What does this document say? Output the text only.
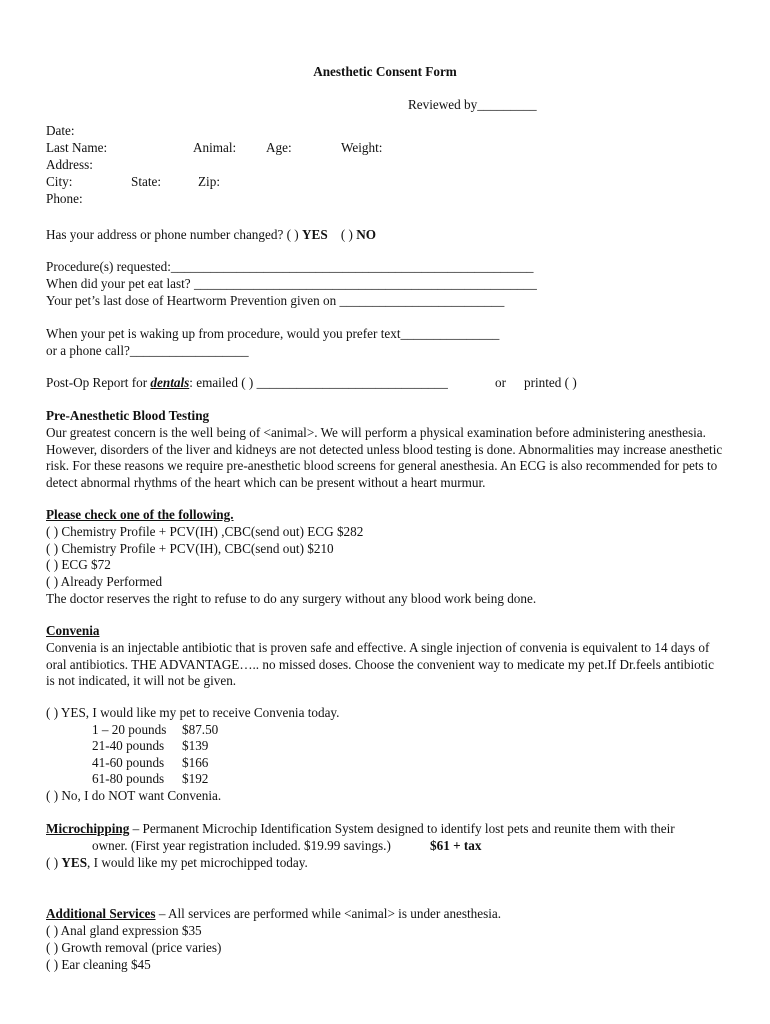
Anesthetic Consent Form
Reviewed by_________
Date:
Last Name:	Animal: Age:	Weight:
Address:
City:	State:	Zip:
Phone:
Has your address or phone number changed? ( ) YES ( ) NO
Procedure(s) requested:_______________________________________________________
When did your pet eat last? ____________________________________________________
Your pet’s last dose of Heartworm Prevention given on _________________________
When your pet is waking up from procedure, would you prefer text_______________
or a phone call?__________________
Post-Op Report for dentals: emailed ( ) _____________________________	or printed ( )
Pre-Anesthetic Blood Testing
Our greatest concern is the well being of <animal>. We will perform a physical examination before administering anesthesia. However, disorders of the liver and kidneys are not detected unless blood testing is done. Abnormalities may increase anesthetic risk. For these reasons we require pre-anesthetic blood screens for general anesthesia. An ECG is also recommended for pets to detect abnormal rhythms of the heart which can be present without a heart murmur.
Please check one of the following.
( ) Chemistry Profile + PCV(IH) ,CBC(send out) ECG $282
( ) Chemistry Profile + PCV(IH), CBC(send out) $210
( ) ECG $72
( ) Already Performed
The doctor reserves the right to refuse to do any surgery without any blood work being done.
Convenia
Convenia is an injectable antibiotic that is proven safe and effective. A single injection of convenia is equivalent to 14 days of oral antibiotics. THE ADVANTAGE….. no missed doses. Choose the convenient way to medicate my pet.If Dr.feels antibiotic is not indicated, it will not be given.
( ) YES, I would like my pet to receive Convenia today.
1 – 20 pounds $87.50
21-40 pounds $139
41-60 pounds $166
61-80 pounds $192
( ) No, I do NOT want Convenia.
Microchipping – Permanent Microchip Identification System designed to identify lost pets and reunite them with their
owner. (First year registration included. $19.99 savings.)	$61 + tax
( ) YES, I would like my pet microchipped today.
Additional Services – All services are performed while <animal> is under anesthesia.
( ) Anal gland expression $35
( ) Growth removal (price varies)
( ) Ear cleaning $45
